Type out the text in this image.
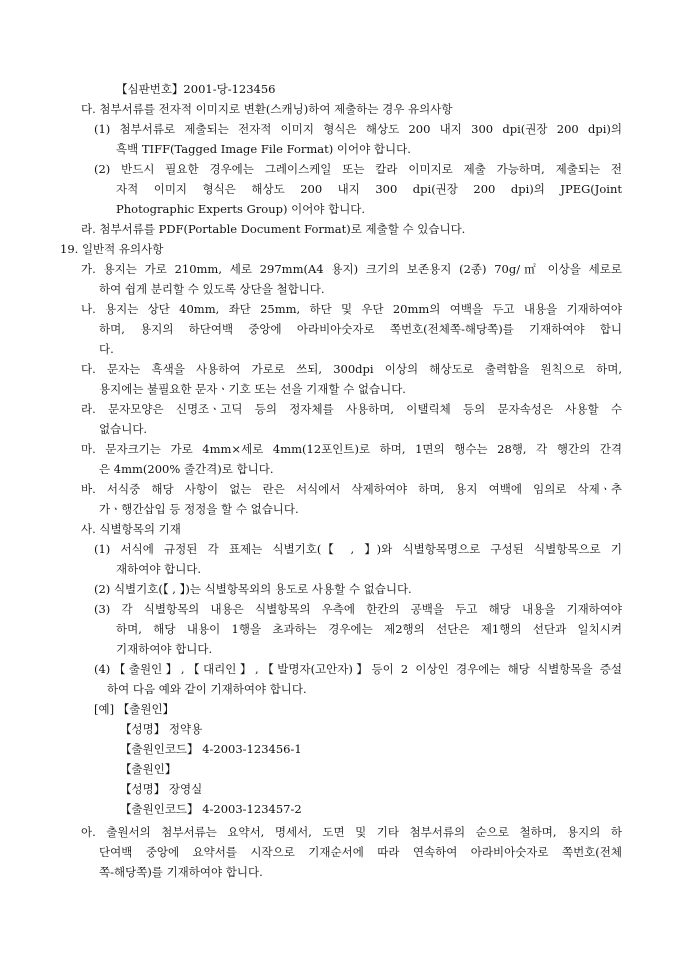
【심판번호】2001-당-123456
다. 첨부서류를 전자적 이미지로 변환(스캐닝)하여 제출하는 경우 유의사항
(1) 첨부서류로 제출되는 전자적 이미지 형식은 해상도 200 내지 300 dpi(권장 200 dpi)의
흑백 TIFF(Tagged Image File Format) 이어야 합니다.
(2) 반드시 필요한 경우에는 그레이스케일 또는 칼라 이미지로 제출 가능하며, 제출되는 전
자적 이미지 형식은 해상도 200 내지 300 dpi(권장 200 dpi)의 JPEG(Joint
Photographic Experts Group) 이어야 합니다.
라. 첨부서류를 PDF(Portable Document Format)로 제출할 수 있습니다.
19. 일반적 유의사항
가. 용지는 가로 210mm, 세로 297mm(A4 용지) 크기의 보존용지 (2종) 70g/㎡ 이상을 세로로
하여 쉽게 분리할 수 있도록 상단을 철합니다.
나. 용지는 상단 40mm, 좌단 25mm, 하단 및 우단 20mm의 여백을 두고 내용을 기재하여야
하며, 용지의 하단여백 중앙에 아라비아숫자로 쪽번호(전체쪽-해당쪽)를 기재하여야 합니
다.
다. 문자는 흑색을 사용하여 가로로 쓰되, 300dpi 이상의 해상도로 출력함을 원칙으로 하며,
용지에는 불필요한 문자ㆍ기호 또는 선을 기재할 수 없습니다.
라. 문자모양은 신명조ㆍ고딕 등의 정자체를 사용하며, 이탤릭체 등의 문자속성은 사용할 수
없습니다.
마. 문자크기는 가로 4mm×세로 4mm(12포인트)로 하며, 1면의 행수는 28행, 각 행간의 간격
은 4mm(200% 줄간격)로 합니다.
바. 서식중 해당 사항이 없는 란은 서식에서 삭제하여야 하며, 용지 여백에 임의로 삭제ㆍ추
가ㆍ행간삽입 등 정정을 할 수 없습니다.
사. 식별항목의 기재
(1) 서식에 규정된 각 표제는 식별기호(【 , 】)와 식별항목명으로 구성된 식별항목으로 기
재하여야 합니다.
(2) 식별기호(【 , 】)는 식별항목외의 용도로 사용할 수 없습니다.
(3) 각 식별항목의 내용은 식별항목의 우측에 한칸의 공백을 두고 해당 내용을 기재하여야
하며, 해당 내용이 1행을 초과하는 경우에는 제2행의 선단은 제1행의 선단과 일치시켜
기재하여야 합니다.
(4)【출원인】,【대리인】,【발명자(고안자)】등이 2 이상인 경우에는 해당 식별항목을 증설
하여 다음 예와 같이 기재하여야 합니다.
[예] 【출원인】
【성명】 정약용
【출원인코드】 4-2003-123456-1
【출원인】
【성명】 장영실
【출원인코드】 4-2003-123457-2
아. 출원서의 첨부서류는 요약서, 명세서, 도면 및 기타 첨부서류의 순으로 철하며, 용지의 하
단여백 중앙에 요약서를 시작으로 기재순서에 따라 연속하여 아라비아숫자로 쪽번호(전체
쪽-해당쪽)를 기재하여야 합니다.
